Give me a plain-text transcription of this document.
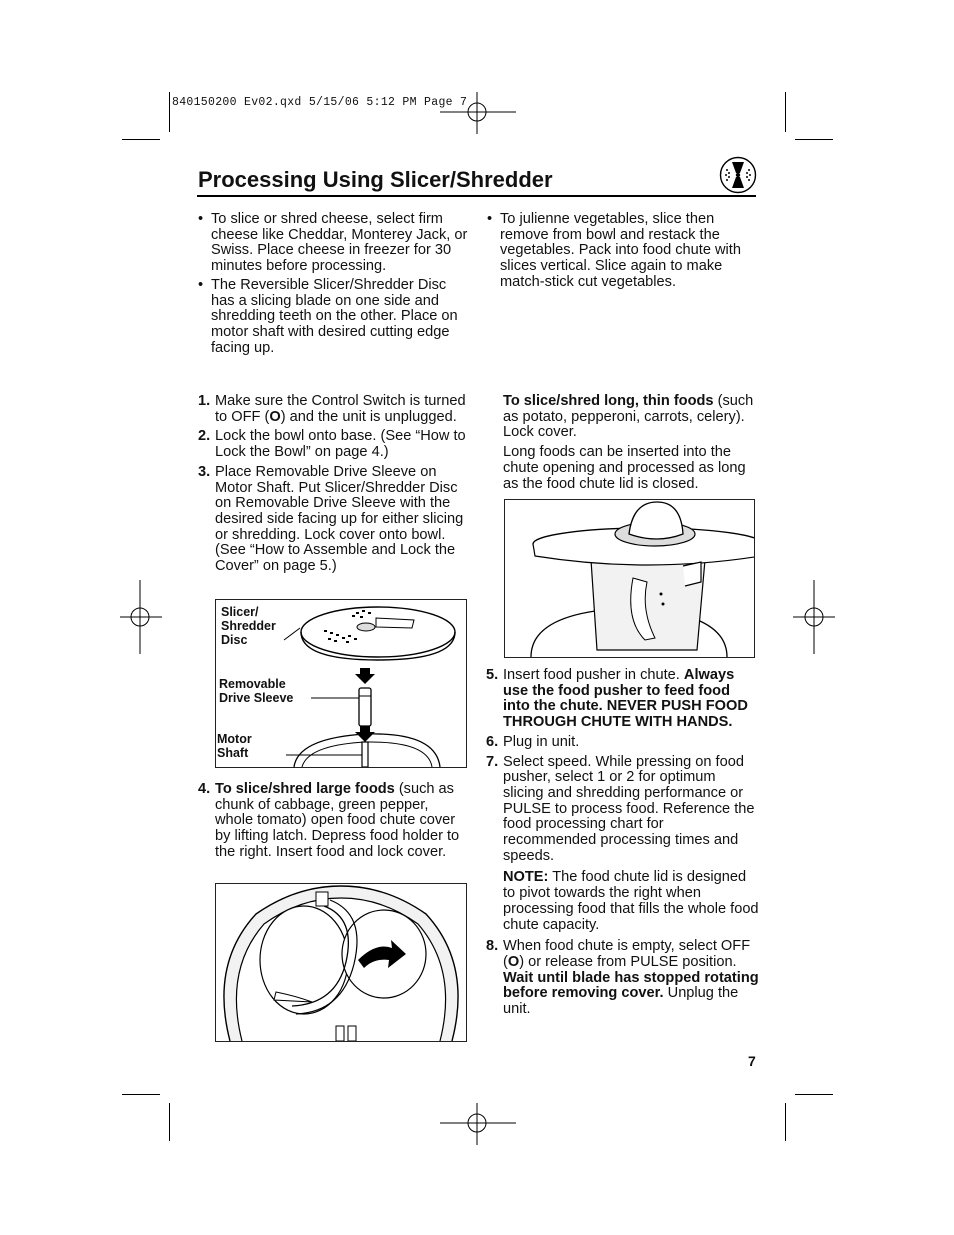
840150200 Ev02.qxd 5/15/06 5:12 PM Page 7
Processing Using Slicer/Shredder
• To slice or shred cheese, select firm cheese like Cheddar, Monterey Jack, or Swiss. Place cheese in freezer for 30 minutes before processing.
• The Reversible Slicer/Shredder Disc has a slicing blade on one side and shredding teeth on the other. Place on motor shaft with desired cutting edge facing up.
• To julienne vegetables, slice then remove from bowl and restack the vegetables. Pack into food chute with slices vertical. Slice again to make match-stick cut vegetables.
1. Make sure the Control Switch is turned to OFF (O) and the unit is unplugged.
2. Lock the bowl onto base. (See “How to Lock the Bowl” on page 4.)
3. Place Removable Drive Sleeve on Motor Shaft. Put Slicer/Shredder Disc on Removable Drive Sleeve with the desired side facing up for either slicing or shredding. Lock cover onto bowl. (See “How to Assemble and Lock the Cover” on page 5.)
Slicer/
Shredder
Disc
Removable
Drive Sleeve
Motor
Shaft
4. To slice/shred large foods (such as chunk of cabbage, green pepper, whole tomato) open food chute cover by lifting latch. Depress food holder to the right. Insert food and lock cover.
To slice/shred long, thin foods (such as potato, pepperoni, carrots, celery). Lock cover.
Long foods can be inserted into the chute opening and processed as long as the food chute lid is closed.
5. Insert food pusher in chute. Always use the food pusher to feed food into the chute. NEVER PUSH FOOD THROUGH CHUTE WITH HANDS.
6. Plug in unit.
7. Select speed. While pressing on food pusher, select 1 or 2 for optimum slicing and shredding performance or PULSE to process food. Reference the food processing chart for recommended processing times and speeds.
NOTE: The food chute lid is designed to pivot towards the right when processing food that fills the whole food chute capacity.
8. When food chute is empty, select OFF (O) or release from PULSE position. Wait until blade has stopped rotating before removing cover. Unplug the unit.
7
